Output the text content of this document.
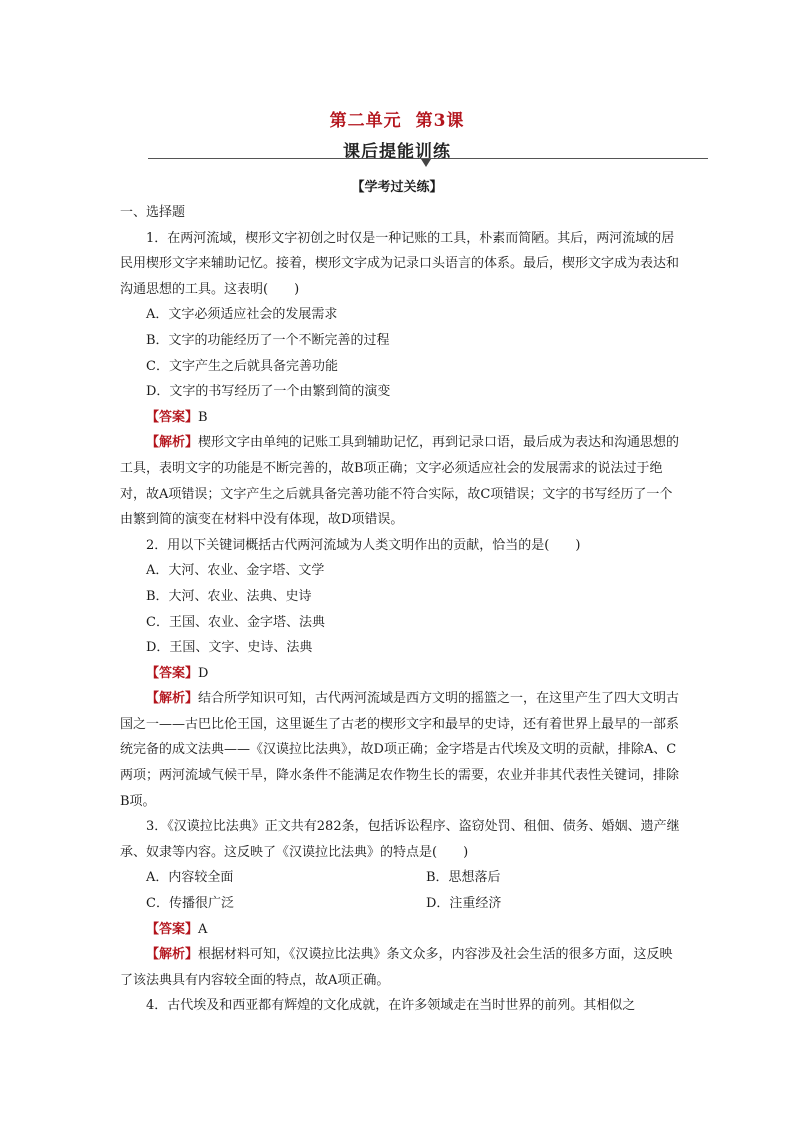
第二单元 第3课
课后提能训练
【学考过关练】

一、选择题

1．在两河流域，楔形文字初创之时仅是一种记账的工具，朴素而简陋。其后，两河流域的居民用楔形文字来辅助记忆。接着，楔形文字成为记录口头语言的体系。最后，楔形文字成为表达和沟通思想的工具。这表明(　　)

A．文字必须适应社会的发展需求

B．文字的功能经历了一个不断完善的过程

C．文字产生之后就具备完善功能

D．文字的书写经历了一个由繁到简的演变

【答案】B

【解析】楔形文字由单纯的记账工具到辅助记忆，再到记录口语，最后成为表达和沟通思想的工具，表明文字的功能是不断完善的，故B项正确；文字必须适应社会的发展需求的说法过于绝对，故A项错误；文字产生之后就具备完善功能不符合实际，故C项错误；文字的书写经历了一个由繁到简的演变在材料中没有体现，故D项错误。

2．用以下关键词概括古代两河流域为人类文明作出的贡献，恰当的是(　　)

A．大河、农业、金字塔、文学

B．大河、农业、法典、史诗

C．王国、农业、金字塔、法典

D．王国、文字、史诗、法典

【答案】D

【解析】结合所学知识可知，古代两河流域是西方文明的摇篮之一，在这里产生了四大文明古国之一——古巴比伦王国，这里诞生了古老的楔形文字和最早的史诗，还有着世界上最早的一部系统完备的成文法典——《汉谟拉比法典》，故D项正确；金字塔是古代埃及文明的贡献，排除A、C两项；两河流域气候干旱，降水条件不能满足农作物生长的需要，农业并非其代表性关键词，排除B项。

3．《汉谟拉比法典》正文共有282条，包括诉讼程序、盗窃处罚、租佃、债务、婚姻、遗产继承、奴隶等内容。这反映了《汉谟拉比法典》的特点是(　　)

A．内容较全面	B．思想落后
C．传播很广泛	D．注重经济

【答案】A

【解析】根据材料可知，《汉谟拉比法典》条文众多，内容涉及社会生活的很多方面，这反映了该法典具有内容较全面的特点，故A项正确。

4．古代埃及和西亚都有辉煌的文化成就，在许多领域走在当时世界的前列。其相似之
